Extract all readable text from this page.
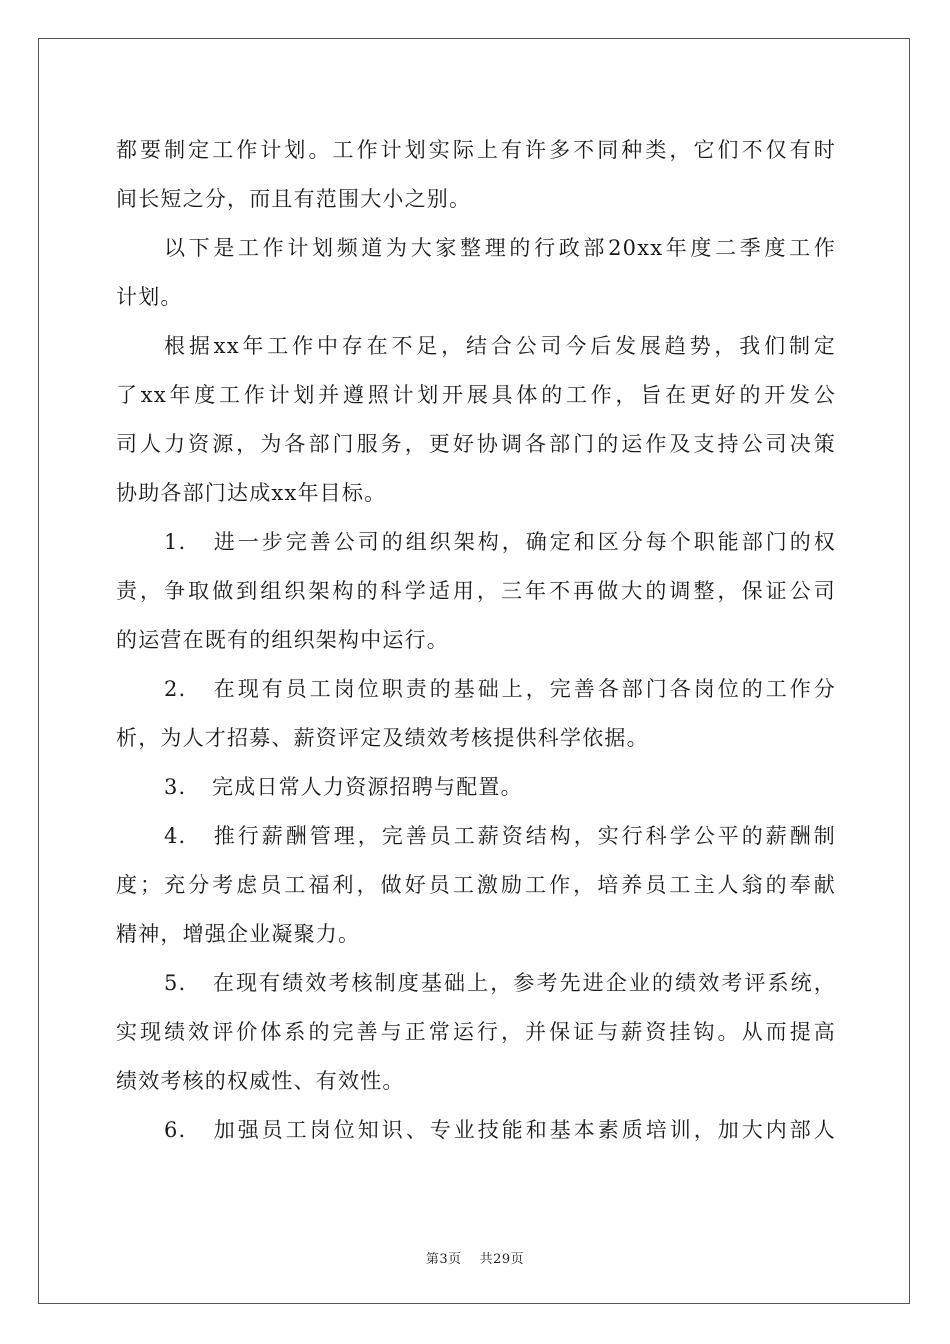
都要制定工作计划。工作计划实际上有许多不同种类，它们不仅有时
间长短之分，而且有范围大小之别。
以下是工作计划频道为大家整理的行政部20xx年度二季度工作
计划。
根据xx年工作中存在不足，结合公司今后发展趋势，我们制定
了xx年度工作计划并遵照计划开展具体的工作，旨在更好的开发公
司人力资源，为各部门服务，更好协调各部门的运作及支持公司决策
协助各部门达成xx年目标。
1. 进一步完善公司的组织架构，确定和区分每个职能部门的权
责，争取做到组织架构的科学适用，三年不再做大的调整，保证公司
的运营在既有的组织架构中运行。
2. 在现有员工岗位职责的基础上，完善各部门各岗位的工作分
析，为人才招募、薪资评定及绩效考核提供科学依据。
3. 完成日常人力资源招聘与配置。
4. 推行薪酬管理，完善员工薪资结构，实行科学公平的薪酬制
度；充分考虑员工福利，做好员工激励工作，培养员工主人翁的奉献
精神，增强企业凝聚力。
5. 在现有绩效考核制度基础上，参考先进企业的绩效考评系统，
实现绩效评价体系的完善与正常运行，并保证与薪资挂钩。从而提高
绩效考核的权威性、有效性。
6. 加强员工岗位知识、专业技能和基本素质培训，加大内部人
第3页 共29页
